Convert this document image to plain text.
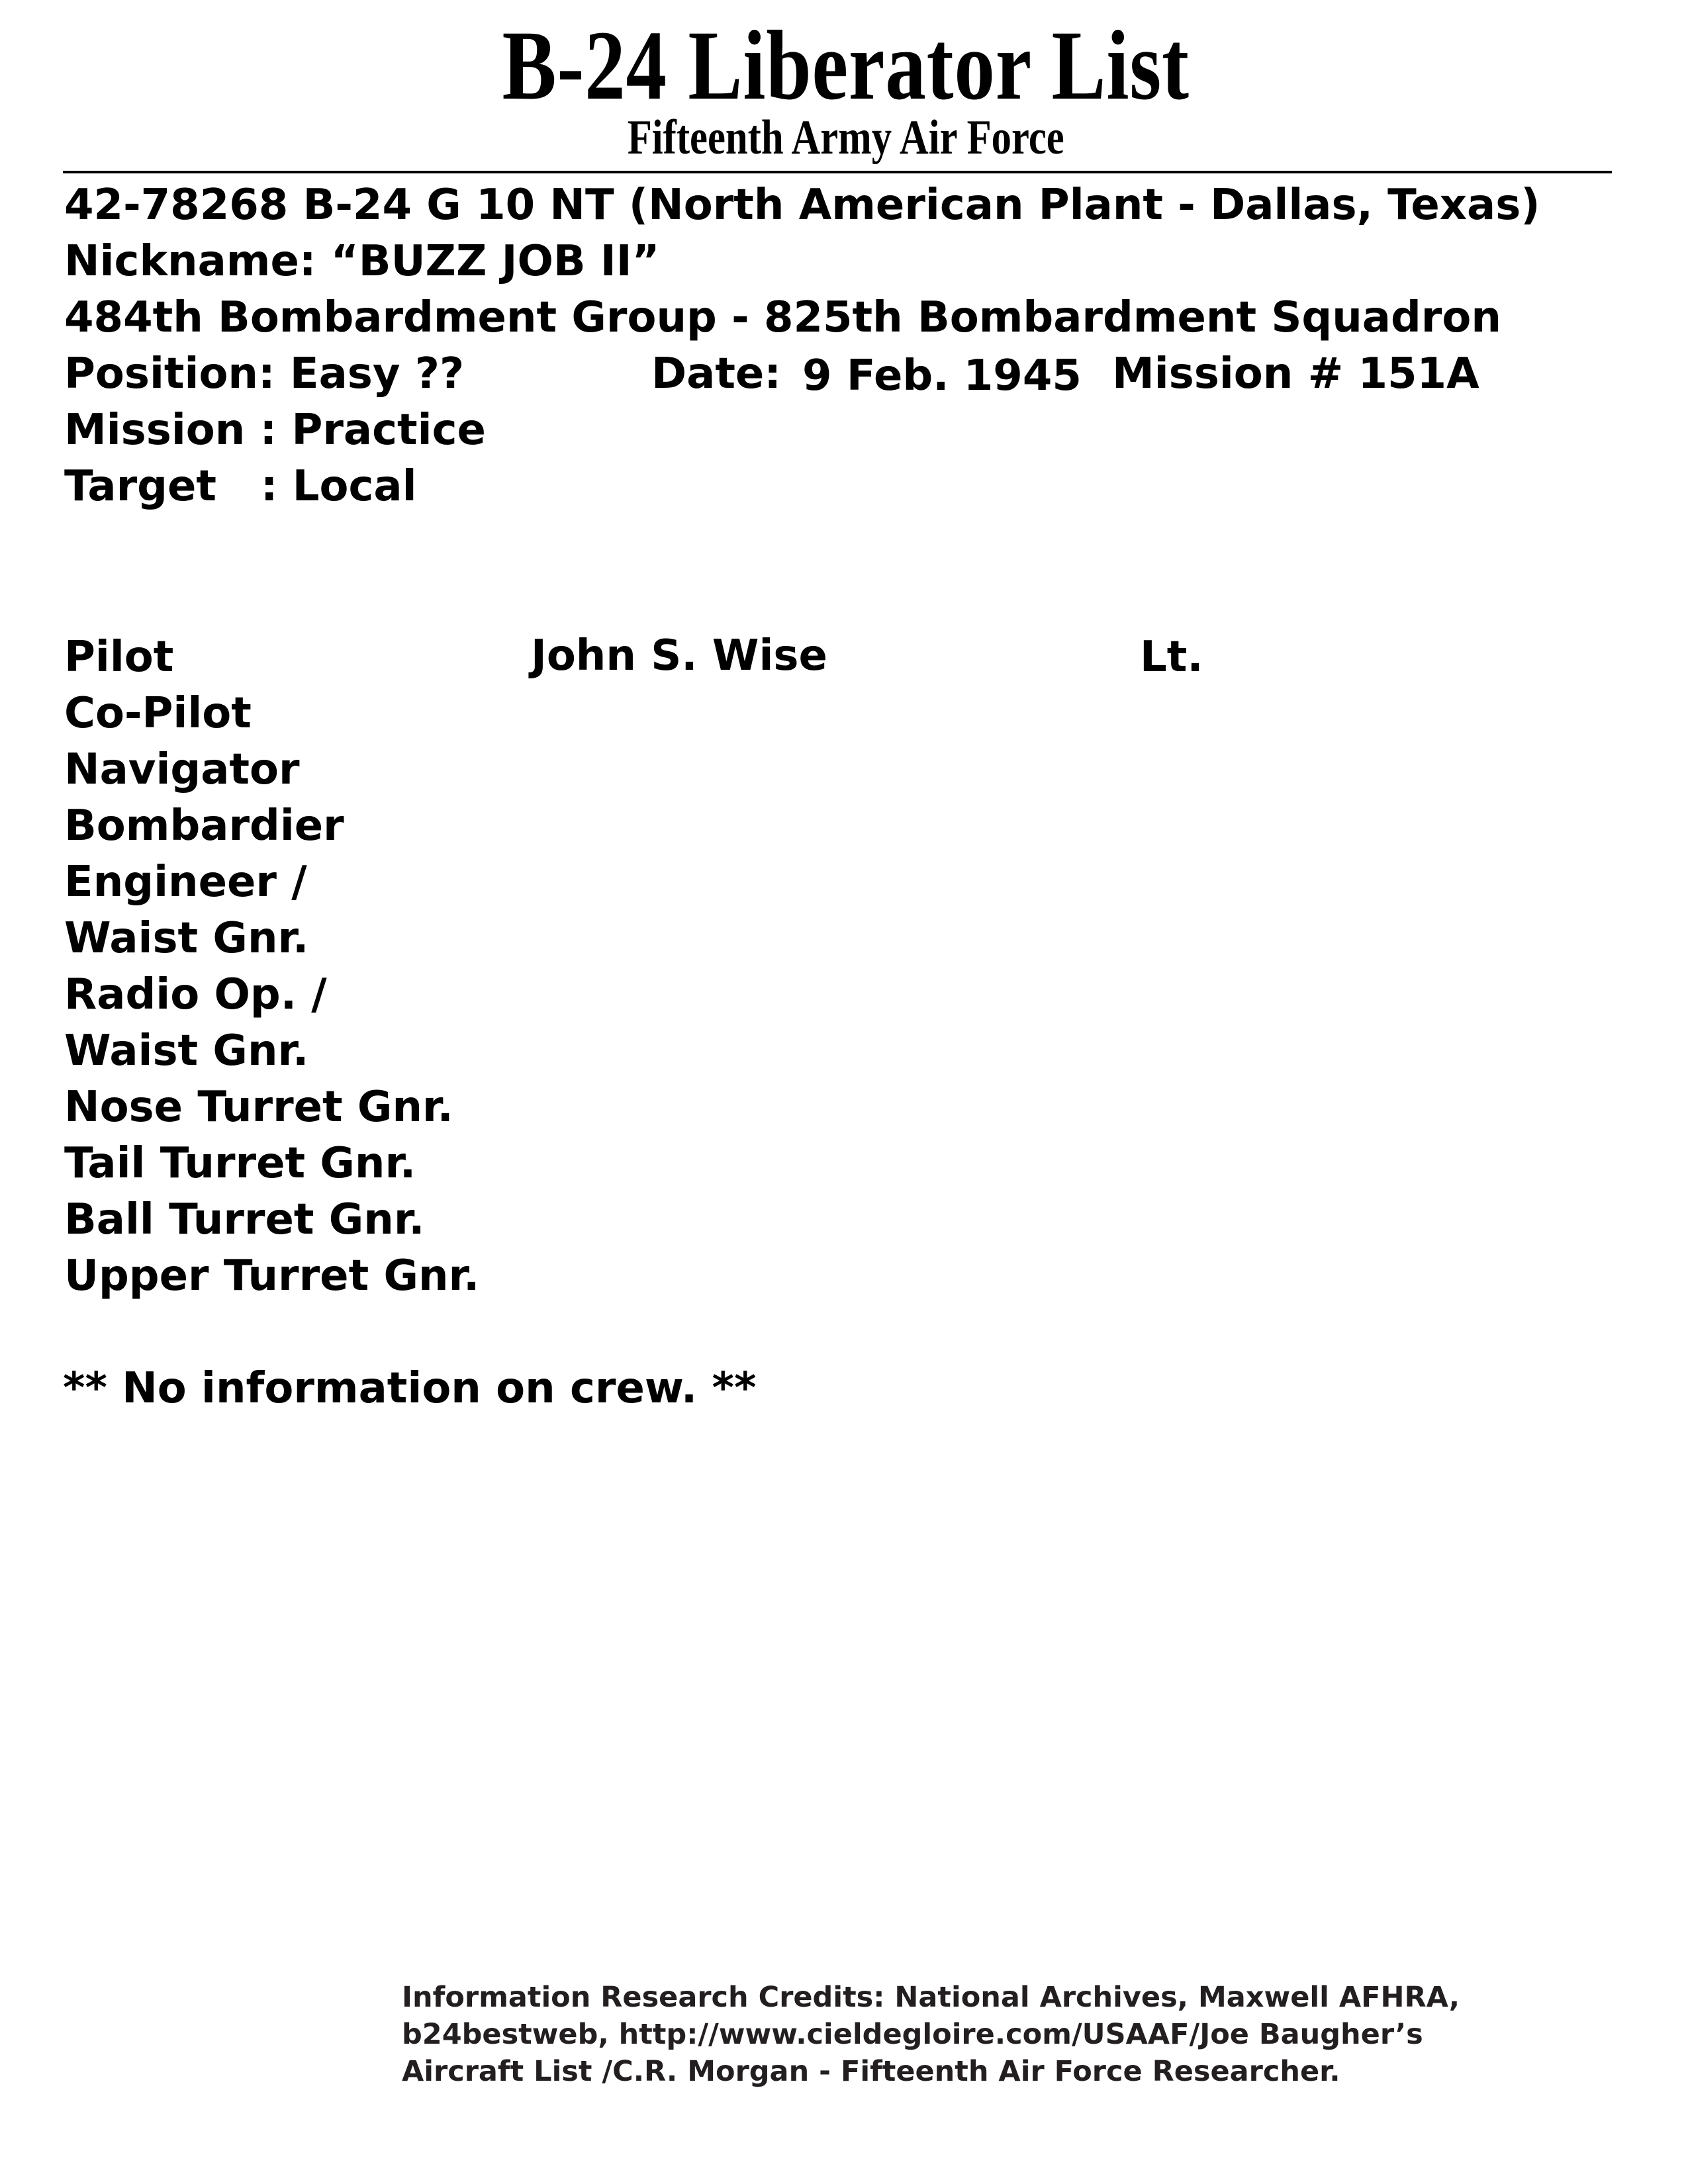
B-24 Liberator List
Fifteenth Army Air Force
42-78268 B-24 G 10 NT (North American Plant - Dallas, Texas)
Nickname: “BUZZ JOB II”
484th Bombardment Group - 825th Bombardment Squadron
Position: Easy ??	Date: 9 Feb. 1945 Mission # 151A
Mission : Practice
Target   : Local
Pilot
Co-Pilot
Navigator
Bombardier
Engineer /
Waist Gnr.
Radio Op. /
Waist Gnr.
Nose Turret Gnr.
Tail Turret Gnr.
Ball Turret Gnr.
Upper Turret Gnr.
John S. Wise	Lt.
** No information on crew. **
Information Research Credits: National Archives, Maxwell AFHRA,
b24bestweb, http://www.cieldegloire.com/USAAF/Joe Baugher’s
Aircraft List /C.R. Morgan - Fifteenth Air Force Researcher.
